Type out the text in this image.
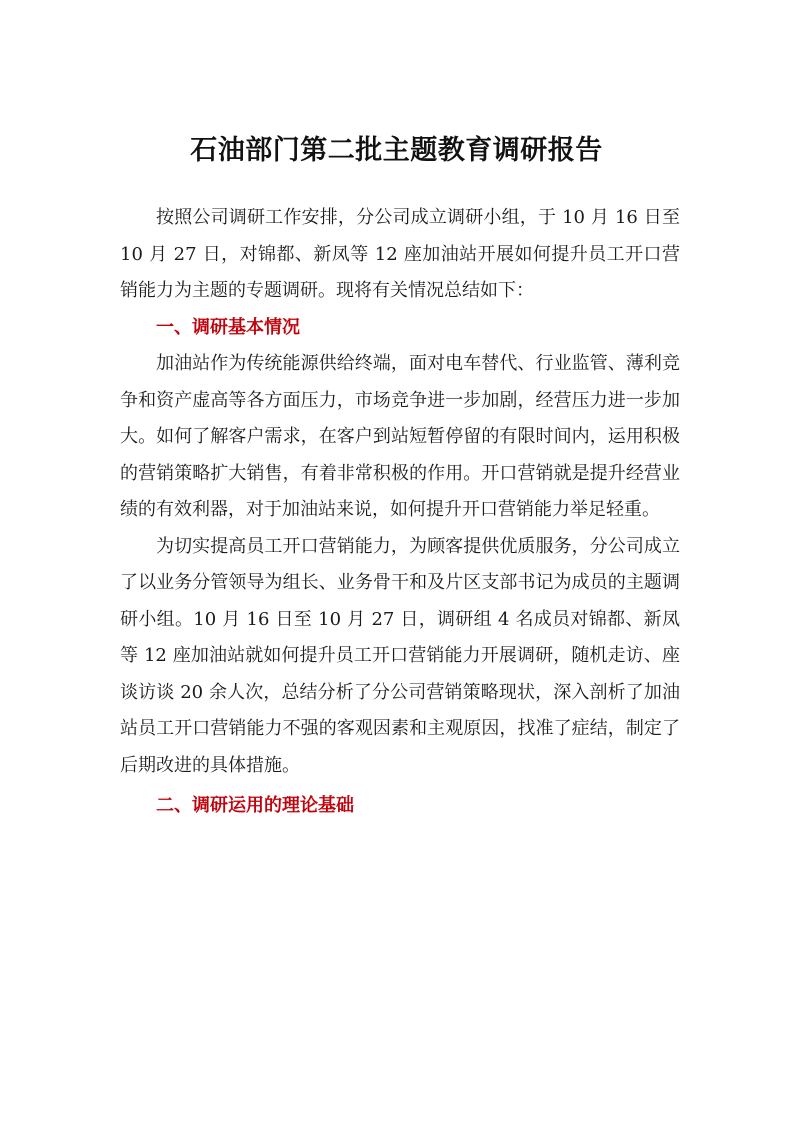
石油部门第二批主题教育调研报告

按照公司调研工作安排，分公司成立调研小组，于 10 月 16 日至 10 月 27 日，对锦都、新凤等 12 座加油站开展如何提升员工开口营销能力为主题的专题调研。现将有关情况总结如下：

一、调研基本情况

加油站作为传统能源供给终端，面对电车替代、行业监管、薄利竞争和资产虚高等各方面压力，市场竞争进一步加剧，经营压力进一步加大。如何了解客户需求，在客户到站短暂停留的有限时间内，运用积极的营销策略扩大销售，有着非常积极的作用。开口营销就是提升经营业绩的有效利器，对于加油站来说，如何提升开口营销能力举足轻重。

为切实提高员工开口营销能力，为顾客提供优质服务，分公司成立了以业务分管领导为组长、业务骨干和及片区支部书记为成员的主题调研小组。10 月 16 日至 10 月 27 日，调研组 4 名成员对锦都、新凤等 12 座加油站就如何提升员工开口营销能力开展调研，随机走访、座谈访谈 20 余人次，总结分析了分公司营销策略现状，深入剖析了加油站员工开口营销能力不强的客观因素和主观原因，找准了症结，制定了后期改进的具体措施。

二、调研运用的理论基础
